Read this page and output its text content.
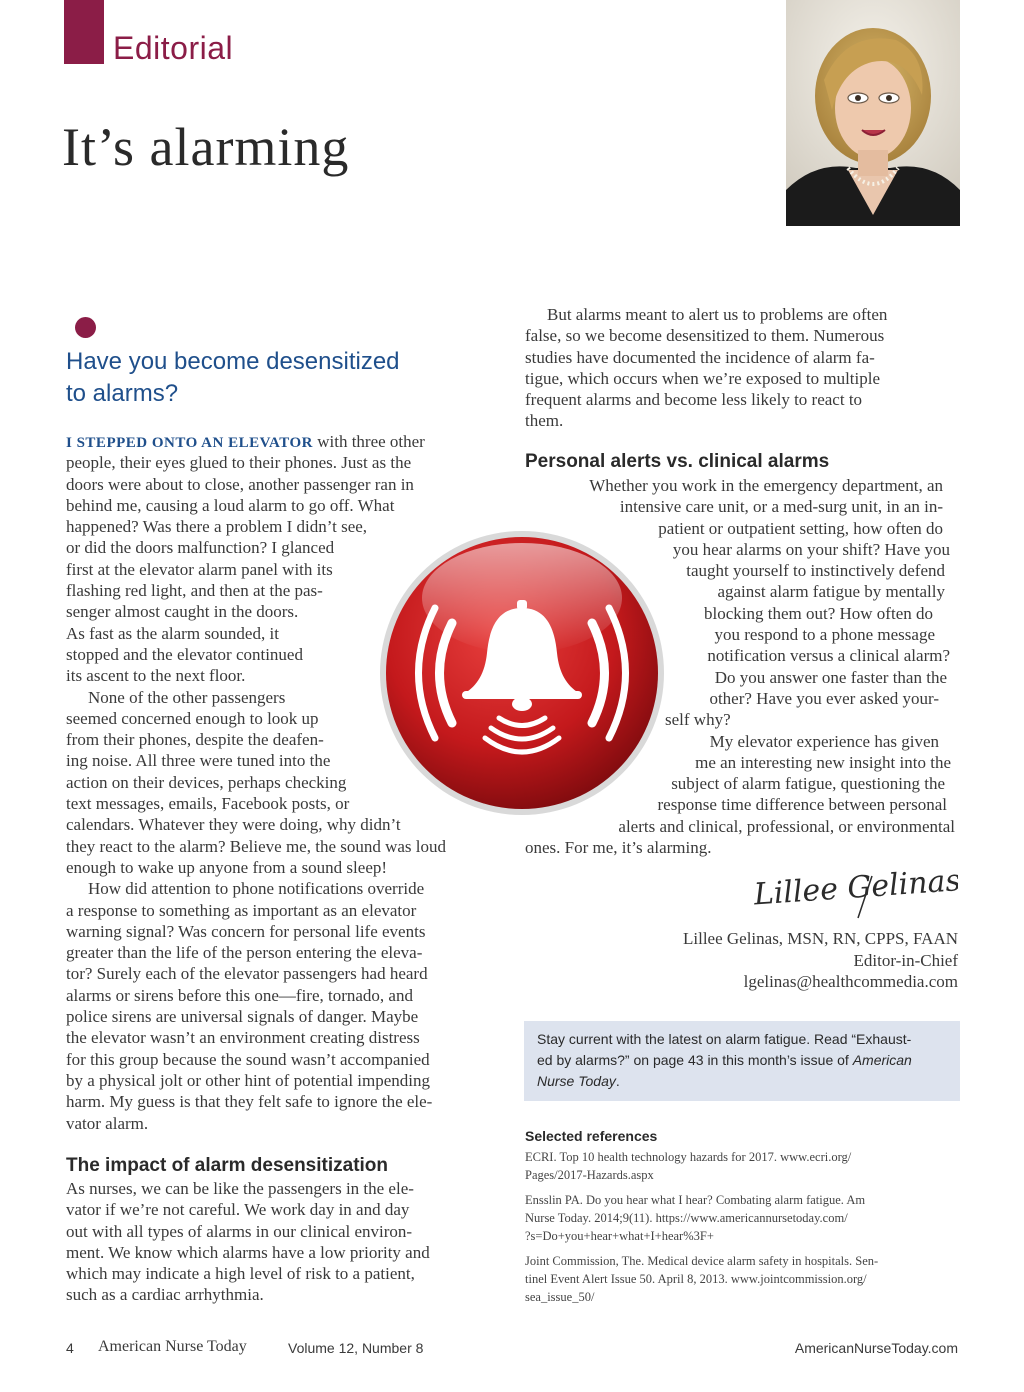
Editorial
It’s alarming
Have you become desensitized
to alarms?
I STEPPED ONTO AN ELEVATOR with three other
people, their eyes glued to their phones. Just as the
doors were about to close, another passenger ran in
behind me, causing a loud alarm to go off. What
happened? Was there a problem I didn’t see,
or did the doors malfunction? I glanced
first at the elevator alarm panel with its
flashing red light, and then at the pas-
senger almost caught in the doors.
As fast as the alarm sounded, it
stopped and the elevator continued
its ascent to the next floor.
None of the other passengers
seemed concerned enough to look up
from their phones, despite the deafen-
ing noise. All three were tuned into the
action on their devices, perhaps checking
text messages, emails, Facebook posts, or
calendars. Whatever they were doing, why didn’t
they react to the alarm? Believe me, the sound was loud
enough to wake up anyone from a sound sleep!
How did attention to phone notifications override
a response to something as important as an elevator
warning signal? Was concern for personal life events
greater than the life of the person entering the eleva-
tor? Surely each of the elevator passengers had heard
alarms or sirens before this one—fire, tornado, and
police sirens are universal signals of danger. Maybe
the elevator wasn’t an environment creating distress
for this group because the sound wasn’t accompanied
by a physical jolt or other hint of potential impending
harm. My guess is that they felt safe to ignore the ele-
vator alarm.
The impact of alarm desensitization
As nurses, we can be like the passengers in the ele-
vator if we’re not careful. We work day in and day
out with all types of alarms in our clinical environ-
ment. We know which alarms have a low priority and
which may indicate a high level of risk to a patient,
such as a cardiac arrhythmia.
But alarms meant to alert us to problems are often
false, so we become desensitized to them. Numerous
studies have documented the incidence of alarm fa-
tigue, which occurs when we’re exposed to multiple
frequent alarms and become less likely to react to
them.
Personal alerts vs. clinical alarms
Whether you work in the emergency department, an
intensive care unit, or a med-surg unit, in an in-
patient or outpatient setting, how often do
you hear alarms on your shift? Have you
taught yourself to instinctively defend
against alarm fatigue by mentally
blocking them out? How often do
you respond to a phone message
notification versus a clinical alarm?
Do you answer one faster than the
other? Have you ever asked your-
self why?
My elevator experience has given
me an interesting new insight into the
subject of alarm fatigue, questioning the
response time difference between personal
alerts and clinical, professional, or environmental
ones. For me, it’s alarming.
Lillee Gelinas
Lillee Gelinas, MSN, RN, CPPS, FAAN
Editor-in-Chief
lgelinas@healthcommedia.com
Stay current with the latest on alarm fatigue. Read “Exhaust-
ed by alarms?” on page 43 in this month’s issue of American
Nurse Today.
Selected references
ECRI. Top 10 health technology hazards for 2017. www.ecri.org/
Pages/2017-Hazards.aspx
Ensslin PA. Do you hear what I hear? Combating alarm fatigue. Am
Nurse Today. 2014;9(11). https://www.americannursetoday.com/
?s=Do+you+hear+what+I+hear%3F+
Joint Commission, The. Medical device alarm safety in hospitals. Sen-
tinel Event Alert Issue 50. April 8, 2013. www.jointcommission.org/
sea_issue_50/
4 American Nurse Today	Volume 12, Number 8	AmericanNurseToday.com
